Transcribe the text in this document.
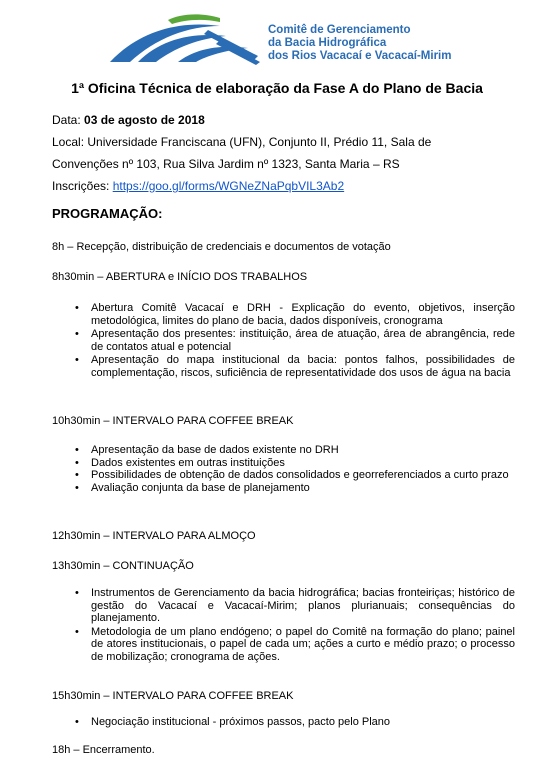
Comitê de Gerenciamento
da Bacia Hidrográfica
dos Rios Vacacaí e Vacacaí-Mirim
1ª Oficina Técnica de elaboração da Fase A do Plano de Bacia
Data: 03 de agosto de 2018
Local: Universidade Franciscana (UFN), Conjunto II, Prédio 11, Sala de
Convenções nº 103, Rua Silva Jardim nº 1323, Santa Maria – RS
Inscrições: https://goo.gl/forms/WGNeZNaPqbVIL3Ab2
PROGRAMAÇÃO:
8h – Recepção, distribuição de credenciais e documentos de votação
8h30min – ABERTURA e INÍCIO DOS TRABALHOS
• Abertura Comitê Vacacaí e DRH - Explicação do evento, objetivos, inserção metodológica, limites do plano de bacia, dados disponíveis, cronograma
• Apresentação dos presentes: instituição, área de atuação, área de abrangência, rede de contatos atual e potencial
• Apresentação do mapa institucional da bacia: pontos falhos, possibilidades de complementação, riscos, suficiência de representatividade dos usos de água na bacia
10h30min – INTERVALO PARA COFFEE BREAK
• Apresentação da base de dados existente no DRH
• Dados existentes em outras instituições
• Possibilidades de obtenção de dados consolidados e georreferenciados a curto prazo
• Avaliação conjunta da base de planejamento
12h30min – INTERVALO PARA ALMOÇO
13h30min – CONTINUAÇÃO
• Instrumentos de Gerenciamento da bacia hidrográfica; bacias fronteiriças; histórico de gestão do Vacacaí e Vacacaí-Mirim; planos plurianuais; consequências do planejamento.
• Metodologia de um plano endógeno; o papel do Comitê na formação do plano; painel de atores institucionais, o papel de cada um; ações a curto e médio prazo; o processo de mobilização; cronograma de ações.
15h30min – INTERVALO PARA COFFEE BREAK
• Negociação institucional - próximos passos, pacto pelo Plano
18h – Encerramento.
